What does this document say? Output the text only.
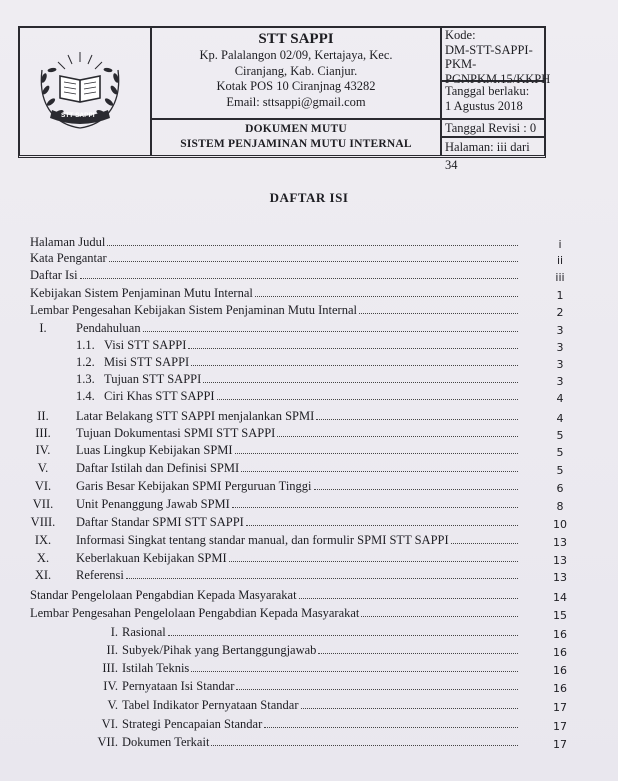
STT SAPPI
STT SAPPI
Kp. Palalangon 02/09, Kertajaya, Kec.
Ciranjang, Kab. Cianjur.
Kotak POS 10 Ciranjnag 43282
Email: sttsappi@gmail.com
DOKUMEN MUTU
SISTEM PENJAMINAN MUTU INTERNAL
Kode:
DM-STT-SAPPI-PKM-
PGNPKM.15/KKPH
Tanggal berlaku:
1 Agustus 2018
Tanggal Revisi : 0
Halaman: iii dari 34
DAFTAR ISI
Halaman Judul	i
Kata Pengantar	ii
Daftar Isi	iii
Kebijakan Sistem Penjaminan Mutu Internal	1
Lembar Pengesahan Kebijakan Sistem Penjaminan Mutu Internal	2
I.	Pendahuluan	3
1.1. Visi STT SAPPI	3
1.2. Misi STT SAPPI	3
1.3. Tujuan STT SAPPI	3
1.4. Ciri Khas STT SAPPI	4
II.	Latar Belakang STT SAPPI menjalankan SPMI	4
III.	Tujuan Dokumentasi SPMI STT SAPPI	5
IV.	Luas Lingkup Kebijakan SPMI	5
V.	Daftar Istilah dan Definisi SPMI	5
VI.	Garis Besar Kebijakan SPMI Perguruan Tinggi	6
VII.	Unit Penanggung Jawab SPMI	8
VIII.	Daftar Standar SPMI STT SAPPI	10
IX.	Informasi Singkat tentang standar manual, dan formulir SPMI STT SAPPI	13
X.	Keberlakuan Kebijakan SPMI	13
XI.	Referensi	13
Standar Pengelolaan Pengabdian Kepada Masyarakat	14
Lembar Pengesahan Pengelolaan Pengabdian Kepada Masyarakat	15
I. Rasional	16
II. Subyek/Pihak yang Bertanggungjawab	16
III. Istilah Teknis	16
IV. Pernyataan Isi Standar	16
V. Tabel Indikator Pernyataan Standar	17
VI. Strategi Pencapaian Standar	17
VII. Dokumen Terkait	17
